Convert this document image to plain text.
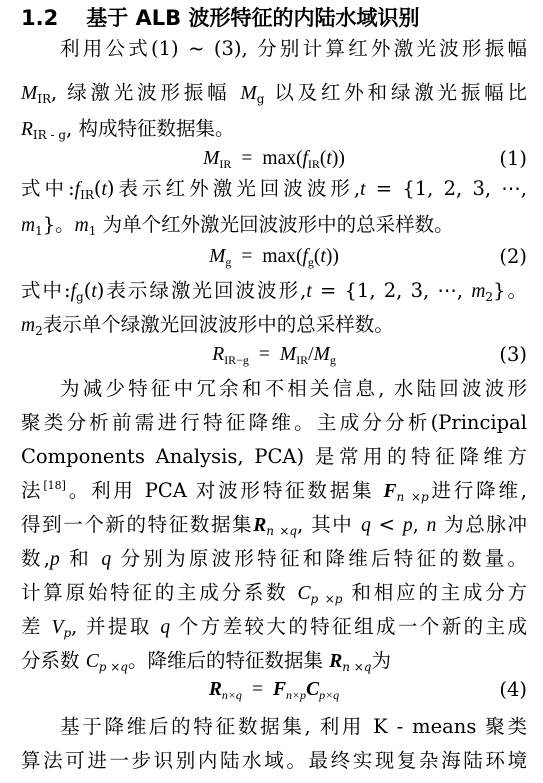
1.2 基于 ALB 波形特征的内陆水域识别
利用公式(1) ~ (3), 分别计算红外激光波形振幅
$M_{IR}$, 绿激光波形振幅 $M_g$ 以及红外和绿激光振幅比
$R_{IR - g}$, 构成特征数据集。
$M_{IR} = \max(f_{IR}(t))$	(1)
式中$:f_{IR}(t)$表示红外激光回波波形,t = {1, 2, 3, ⋯,
$m_1$}。$m_1$ 为单个红外激光回波波形中的总采样数。
$M_g = \max(f_g(t))$	(2)
式中$:f_g(t)$表示绿激光回波波形,t = {1, 2, 3, ⋯, $m_2$}。
$m_2$表示单个绿激光回波波形中的总采样数。
$R_{IR-g} = M_{IR}/M_g$	(3)
为减少特征中冗余和不相关信息, 水陆回波波形
聚类分析前需进行特征降维。主成分分析(Principal
Components Analysis, PCA) 是常用的特征降维方
法[18]。利用 PCA 对波形特征数据集 $F_{n \times p}$进行降维,
得到一个新的特征数据集$R_{n \times q}$, 其中 q < p, n 为总脉冲
数,p 和 q 分别为原波形特征和降维后特征的数量。
计算原始特征的主成分系数 $C_{p \times p}$ 和相应的主成分方
差 $V_p$, 并提取 q 个方差较大的特征组成一个新的主成
分系数 $C_{p \times q}$。降维后的特征数据集 $R_{n \times q}$为
$R_{n\times q} = F_{n\times p}C_{p\times q}$	(4)
基于降维后的特征数据集, 利用 K - means 聚类
算法可进一步识别内陆水域。最终实现复杂海陆环境
